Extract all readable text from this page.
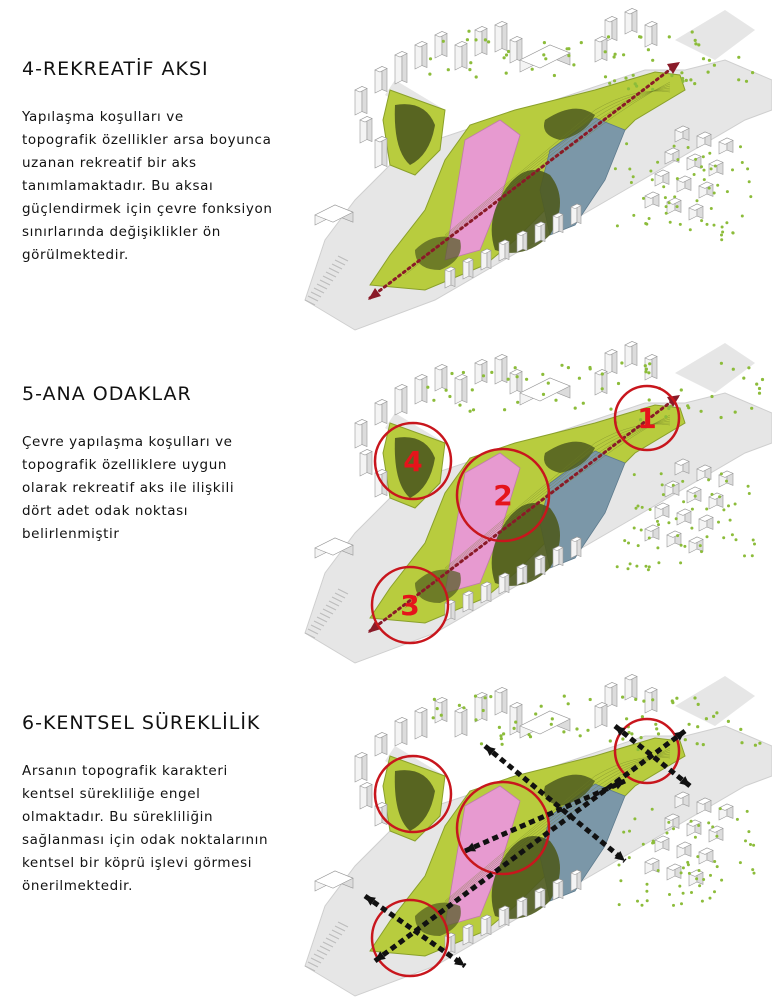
4-REKREATİF AKSI

Yapılaşma koşulları ve
topografik özellikler arsa boyunca
uzanan rekreatif bir aks
tanımlamaktadır. Bu aksaı
güçlendirmek için çevre fonksiyon
sınırlarında değişiklikler ön
görülmektedir.

5-ANA ODAKLAR

Çevre yapılaşma koşulları ve
topografik özelliklere uygun
olarak rekreatif aks ile ilişkili
dört adet odak noktası
belirlenmiştir

1
2
3
4
6-KENTSEL SÜREKLİLİK

Arsanın topografik karakteri
kentsel sürekliliğe engel
olmaktadır. Bu sürekliliğin
sağlanması için odak noktalarının
kentsel bir köprü işlevi görmesi
önerilmektedir.
